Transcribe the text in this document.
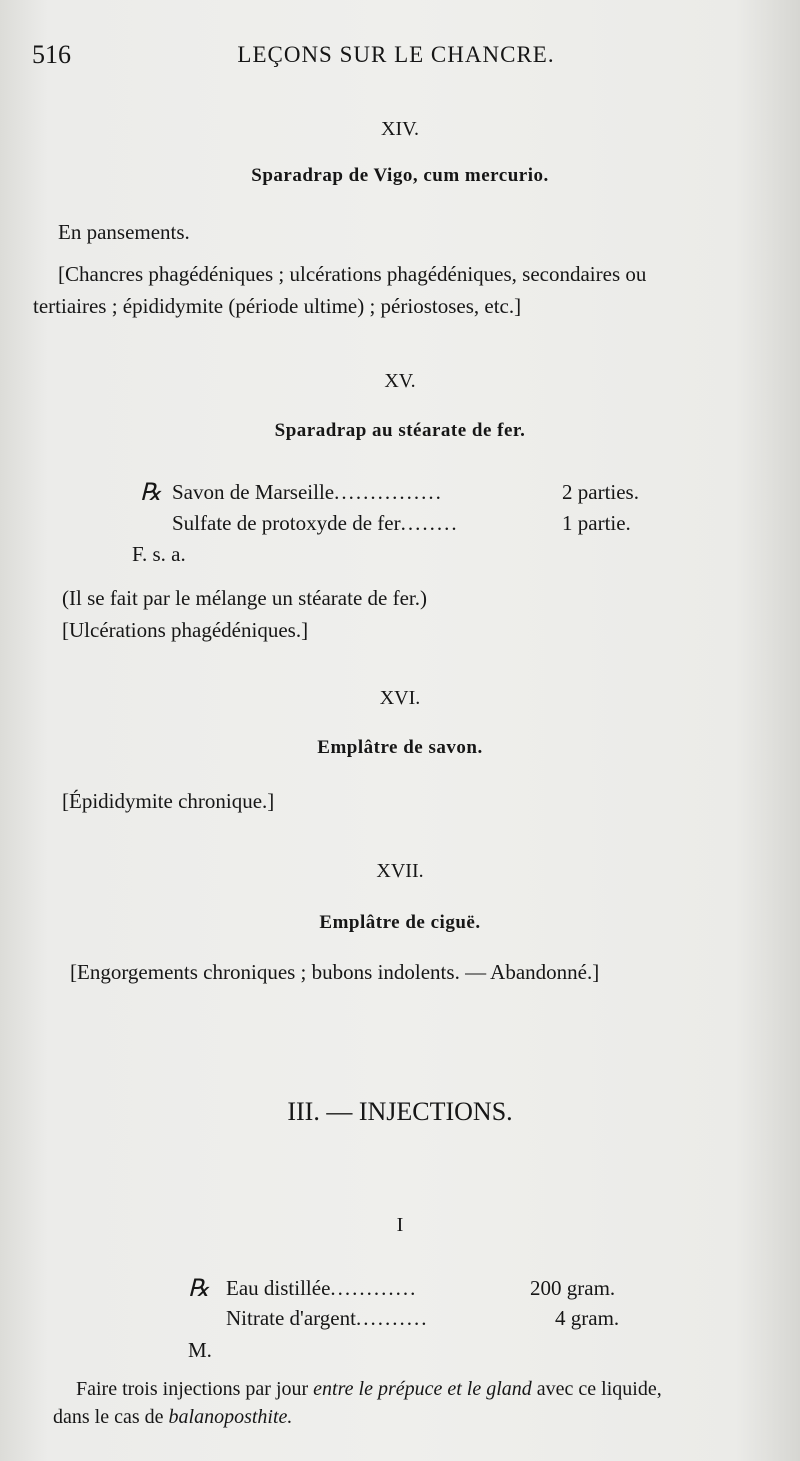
516	LEÇONS SUR LE CHANCRE.
XIV.
Sparadrap de Vigo, cum mercurio.
En pansements.
[Chancres phagédéniques ; ulcérations phagédéniques, secondaires ou
tertiaires ; épididymite (période ultime) ; périostoses, etc.]
XV.
Sparadrap au stéarate de fer.
℞ Savon de Marseille...............	2 parties.
Sulfate de protoxyde de fer........	1 partie.
F. s. a.
(Il se fait par le mélange un stéarate de fer.)
[Ulcérations phagédéniques.]
XVI.
Emplâtre de savon.
[Épididymite chronique.]
XVII.
Emplâtre de ciguë.
[Engorgements chroniques ; bubons indolents. — Abandonné.]
III. — INJECTIONS.
I
℞ Eau distillée............	200 gram.
Nitrate d'argent..........	4 gram.
M.
Faire trois injections par jour entre le prépuce et le gland avec ce liquide,
dans le cas de balanoposthite.
